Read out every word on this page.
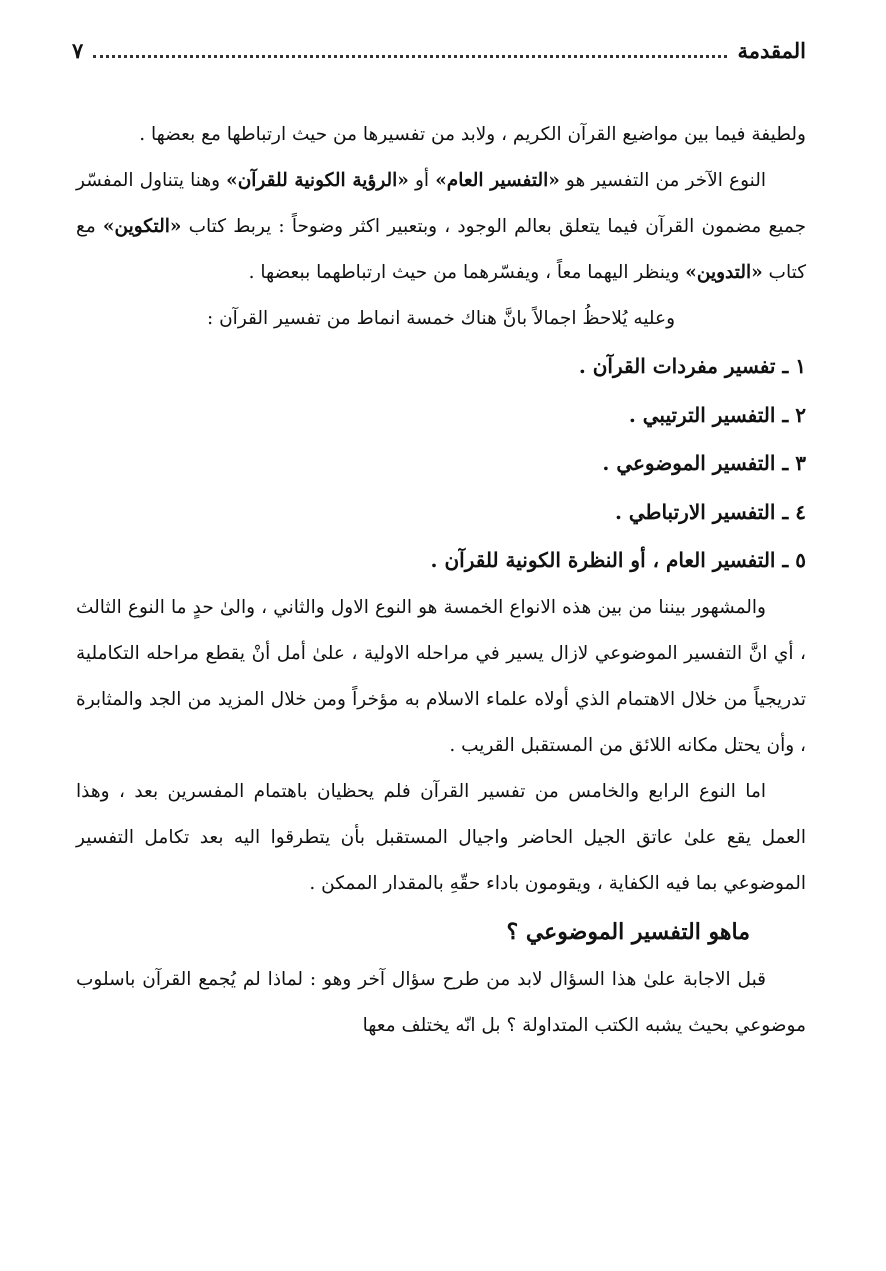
المقدمة
٧

ولطيفة فيما بين مواضيع القرآن الكريم ، ولابد من تفسيرها من حيث ارتباطها مع بعضها .

النوع الآخر من التفسير هو «التفسير العام» أو «الرؤية الكونية للقرآن» وهنا يتناول المفسّر جميع مضمون القرآن فيما يتعلق بعالم الوجود ، وبتعبير اكثر وضوحاً : يربط كتاب «التكوين» مع كتاب «التدوين» وينظر اليهما معاً ، ويفسّرهما من حيث ارتباطهما ببعضها .

وعليه يُلاحظُ اجمالاً بانَّ هناك خمسة انماط من تفسير القرآن :

١ ـ تفسير مفردات القرآن .

٢ ـ التفسير الترتيبي .

٣ ـ التفسير الموضوعي .

٤ ـ التفسير الارتباطي .

٥ ـ التفسير العام ، أو النظرة الكونية للقرآن .

والمشهور بيننا من بين هذه الانواع الخمسة هو النوع الاول والثاني ، والىٰ حدٍ ما النوع الثالث ، أي انَّ التفسير الموضوعي لازال يسير في مراحله الاولية ، علىٰ أمل أنْ يقطع مراحله التكاملية تدريجياً من خلال الاهتمام الذي أولاه علماء الاسلام به مؤخراً ومن خلال المزيد من الجد والمثابرة ، وأن يحتل مكانه اللائق من المستقبل القريب .

اما النوع الرابع والخامس من تفسير القرآن فلم يحظيان باهتمام المفسرين بعد ، وهذا العمل يقع علىٰ عاتق الجيل الحاضر واجيال المستقبل بأن يتطرقوا اليه بعد تكامل التفسير الموضوعي بما فيه الكفاية ، ويقومون باداء حقّهِ بالمقدار الممكن .

ماهو التفسير الموضوعي ؟

قبل الاجابة علىٰ هذا السؤال لابد من طرح سؤال آخر وهو : لماذا لم يُجمع القرآن باسلوب موضوعي بحيث يشبه الكتب المتداولة ؟ بل انّه يختلف معها
